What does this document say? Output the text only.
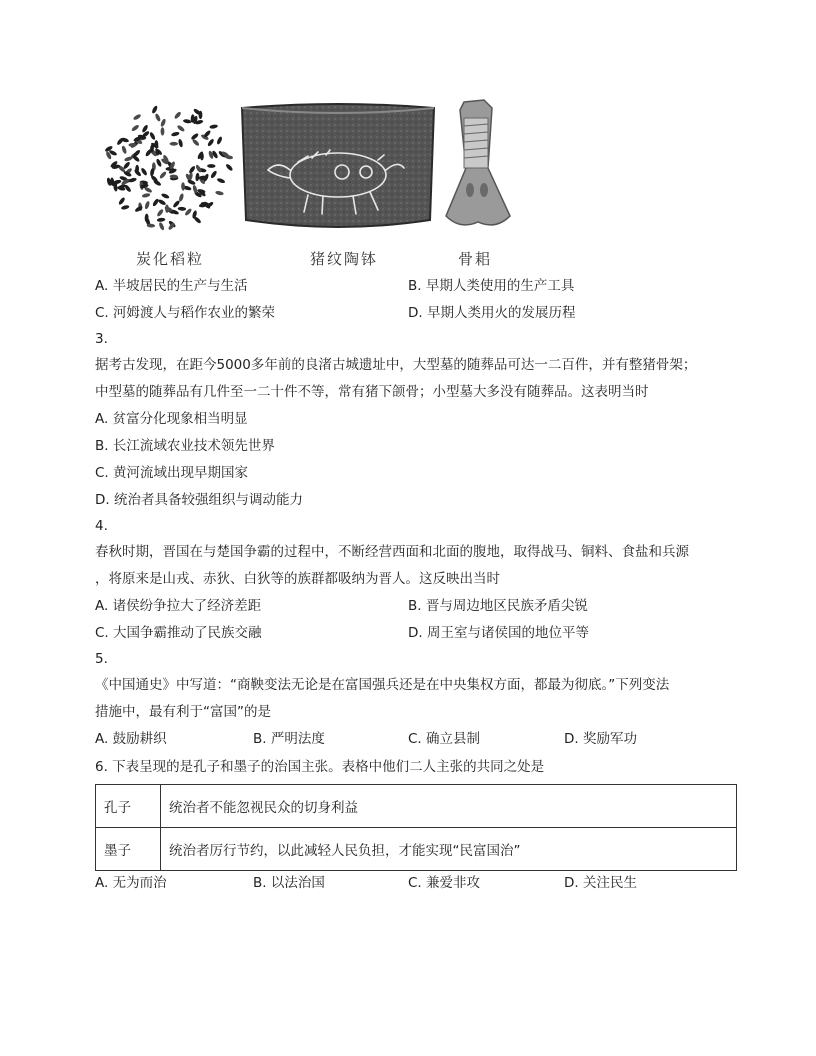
炭化稻粒	猪纹陶钵	骨耜
A. 半坡居民的生产与生活	B. 早期人类使用的生产工具
C. 河姆渡人与稻作农业的繁荣	D. 早期人类用火的发展历程
3.
据考古发现，在距今5000多年前的良渚古城遗址中，大型墓的随葬品可达一二百件，并有整猪骨架；
中型墓的随葬品有几件至一二十件不等，常有猪下颌骨；小型墓大多没有随葬品。这表明当时
A. 贫富分化现象相当明显
B. 长江流域农业技术领先世界
C. 黄河流域出现早期国家
D. 统治者具备较强组织与调动能力
4.
春秋时期，晋国在与楚国争霸的过程中，不断经营西面和北面的腹地，取得战马、铜料、食盐和兵源
，将原来是山戎、赤狄、白狄等的族群都吸纳为晋人。这反映出当时
A. 诸侯纷争拉大了经济差距	B. 晋与周边地区民族矛盾尖锐
C. 大国争霸推动了民族交融	D. 周王室与诸侯国的地位平等
5.
《中国通史》中写道：“商鞅变法无论是在富国强兵还是在中央集权方面，都最为彻底。”下列变法
措施中，最有利于“富国”的是
A. 鼓励耕织	B. 严明法度	C. 确立县制	D. 奖励军功
6. 下表呈现的是孔子和墨子的治国主张。表格中他们二人主张的共同之处是
孔子	统治者不能忽视民众的切身利益
墨子	统治者厉行节约，以此减轻人民负担，才能实现“民富国治”
A. 无为而治	B. 以法治国	C. 兼爱非攻	D. 关注民生
